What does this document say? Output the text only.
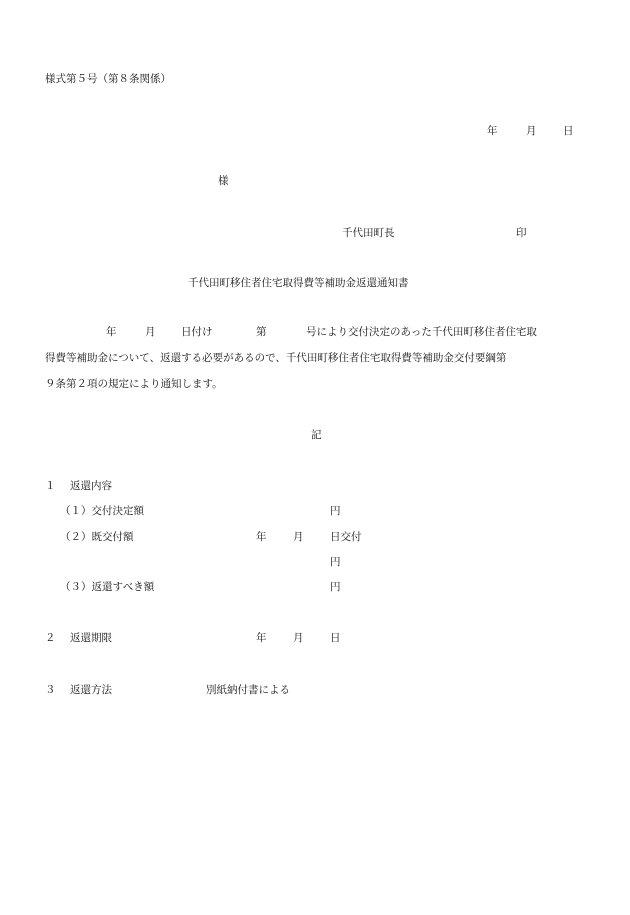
様式第５号（第８条関係）
年	月	日
様
千代田町長	印
千代田町移住者住宅取得費等補助金返還通知書
年	月 日付け	第	号により交付決定のあった千代田町移住者住宅取
得費等補助金について、返還する必要があるので、千代田町移住者住宅取得費等補助金交付要綱第
９条第２項の規定により通知します。
記
１ 返還内容
（１）交付決定額	円
（２）既交付額	年	月	日交付
円
（３）返還すべき額	円
２ 返還期限	年	月	日
３ 返還方法	別紙納付書による
